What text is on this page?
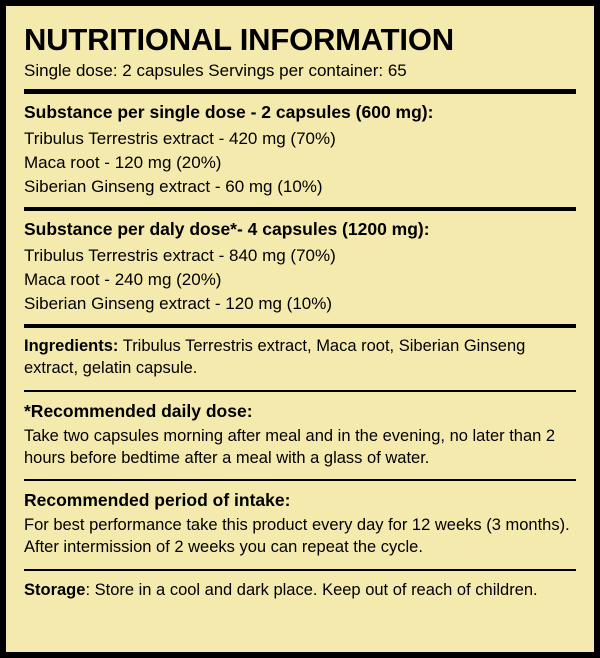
NUTRITIONAL INFORMATION
Single dose: 2 capsules Servings per container: 65
Substance per single dose - 2 capsules (600 mg):

Tribulus Terrestris extract - 420 mg (70%)

Maca root - 120 mg (20%)

Siberian Ginseng extract - 60 mg (10%)

Substance per daly dose*- 4 capsules (1200 mg):

Tribulus Terrestris extract - 840 mg (70%)

Maca root - 240 mg (20%)

Siberian Ginseng extract - 120 mg (10%)

Ingredients: Tribulus Terrestris extract, Maca root, Siberian Ginseng extract, gelatin capsule.

*Recommended daily dose:

Take two capsules morning after meal and in the evening, no later than 2 hours before bedtime after a meal with a glass of water.

Recommended period of intake:

For best performance take this product every day for 12 weeks (3 months). After intermission of 2 weeks you can repeat the cycle.

Storage: Store in a cool and dark place. Keep out of reach of children.
